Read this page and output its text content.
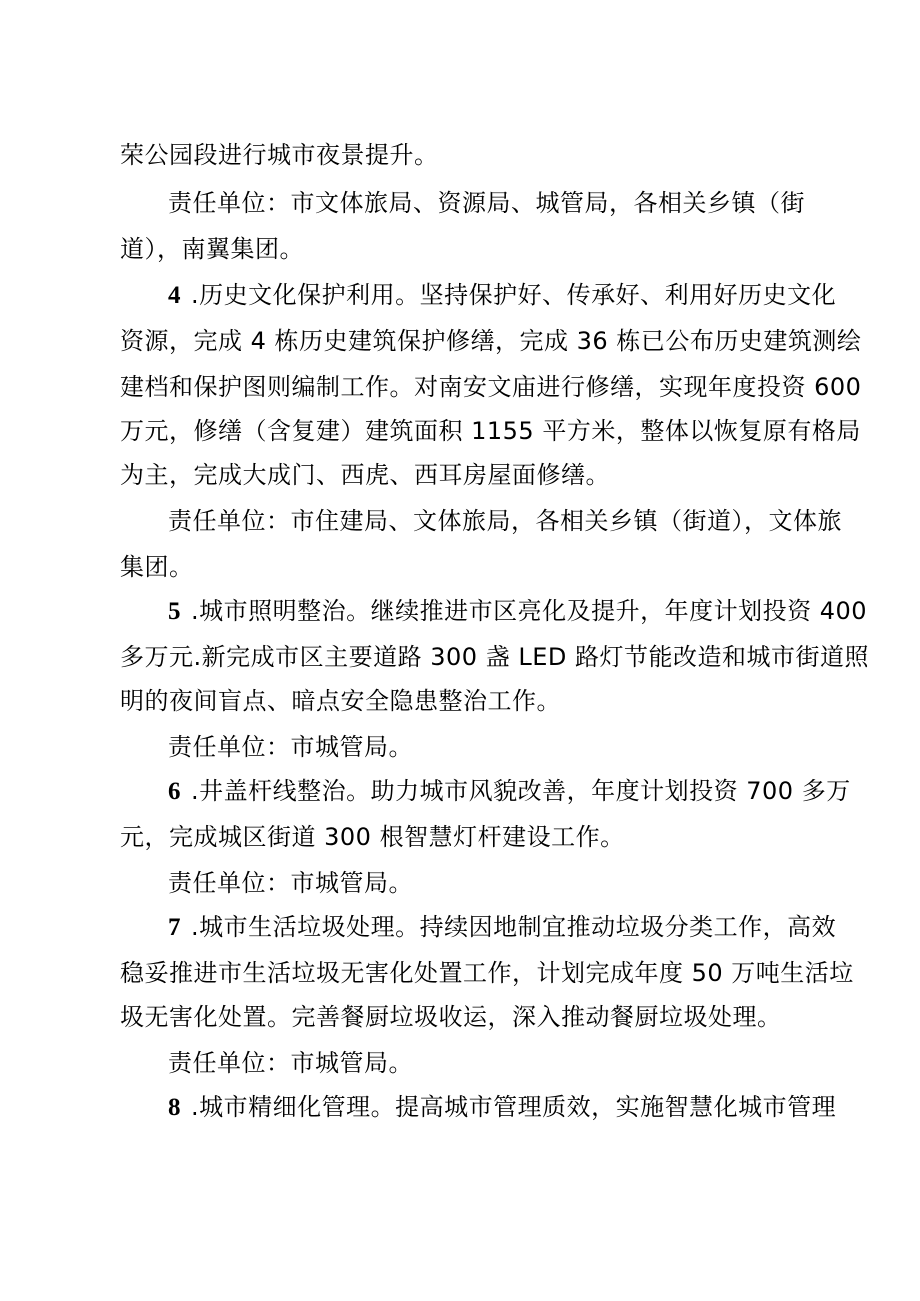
荣公园段进行城市夜景提升。
责任单位：市文体旅局、资源局、城管局，各相关乡镇（街
道），南翼集团。
4 .历史文化保护利用。坚持保护好、传承好、利用好历史文化
资源，完成 4 栋历史建筑保护修缮，完成 36 栋已公布历史建筑测绘
建档和保护图则编制工作。对南安文庙进行修缮，实现年度投资 600
万元，修缮（含复建）建筑面积 1155 平方米，整体以恢复原有格局
为主，完成大成门、西虎、西耳房屋面修缮。
责任单位：市住建局、文体旅局，各相关乡镇（街道），文体旅
集团。
5 .城市照明整治。继续推进市区亮化及提升，年度计划投资 400
多万元.新完成市区主要道路 300 盏 LED 路灯节能改造和城市街道照
明的夜间盲点、暗点安全隐患整治工作。
责任单位：市城管局。
6 .井盖杆线整治。助力城市风貌改善，年度计划投资 700 多万
元，完成城区街道 300 根智慧灯杆建设工作。
责任单位：市城管局。
7 .城市生活垃圾处理。持续因地制宜推动垃圾分类工作，高效
稳妥推进市生活垃圾无害化处置工作，计划完成年度 50 万吨生活垃
圾无害化处置。完善餐厨垃圾收运，深入推动餐厨垃圾处理。
责任单位：市城管局。
8 .城市精细化管理。提高城市管理质效，实施智慧化城市管理
